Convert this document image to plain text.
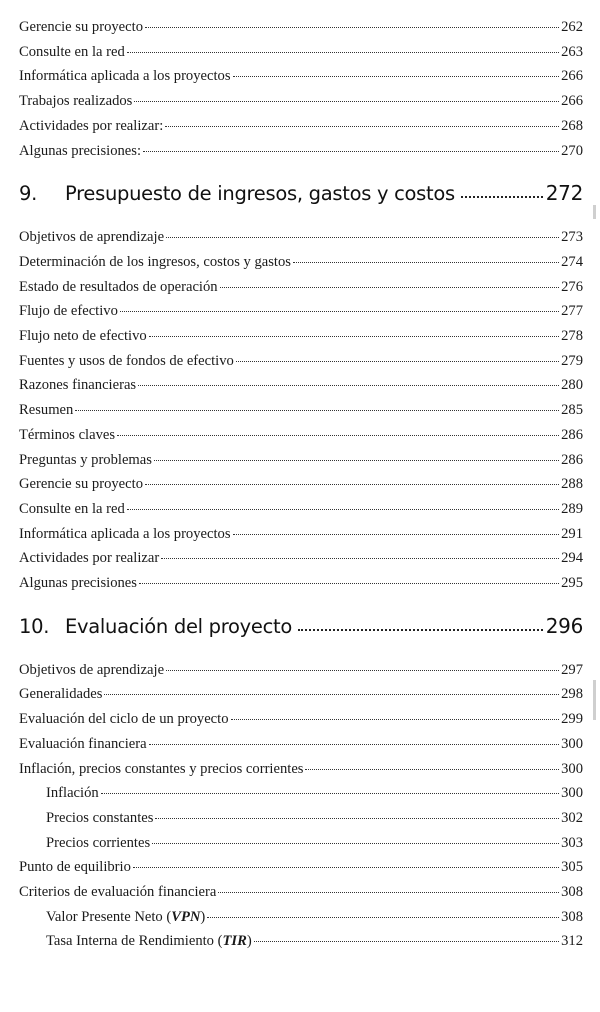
Gerencie su proyecto	262
Consulte en la red	263
Informática aplicada a los proyectos	266
Trabajos realizados	266
Actividades por realizar:	268
Algunas precisiones:	270
9.	Presupuesto de ingresos, gastos y costos	272
Objetivos de aprendizaje	273
Determinación de los ingresos, costos y gastos	274
Estado de resultados de operación	276
Flujo de efectivo	277
Flujo neto de efectivo	278
Fuentes y usos de fondos de efectivo	279
Razones financieras	280
Resumen	285
Términos claves	286
Preguntas y problemas	286
Gerencie su proyecto	288
Consulte en la red	289
Informática aplicada a los proyectos	291
Actividades por realizar	294
Algunas precisiones	295
10. Evaluación del proyecto	296
Objetivos de aprendizaje	297
Generalidades	298
Evaluación del ciclo de un proyecto	299
Evaluación financiera	300
Inflación, precios constantes y precios corrientes	300
Inflación	300
Precios constantes	302
Precios corrientes	303
Punto de equilibrio	305
Criterios de evaluación financiera	308
Valor Presente Neto (VPN)	308
Tasa Interna de Rendimiento (TIR)	312
